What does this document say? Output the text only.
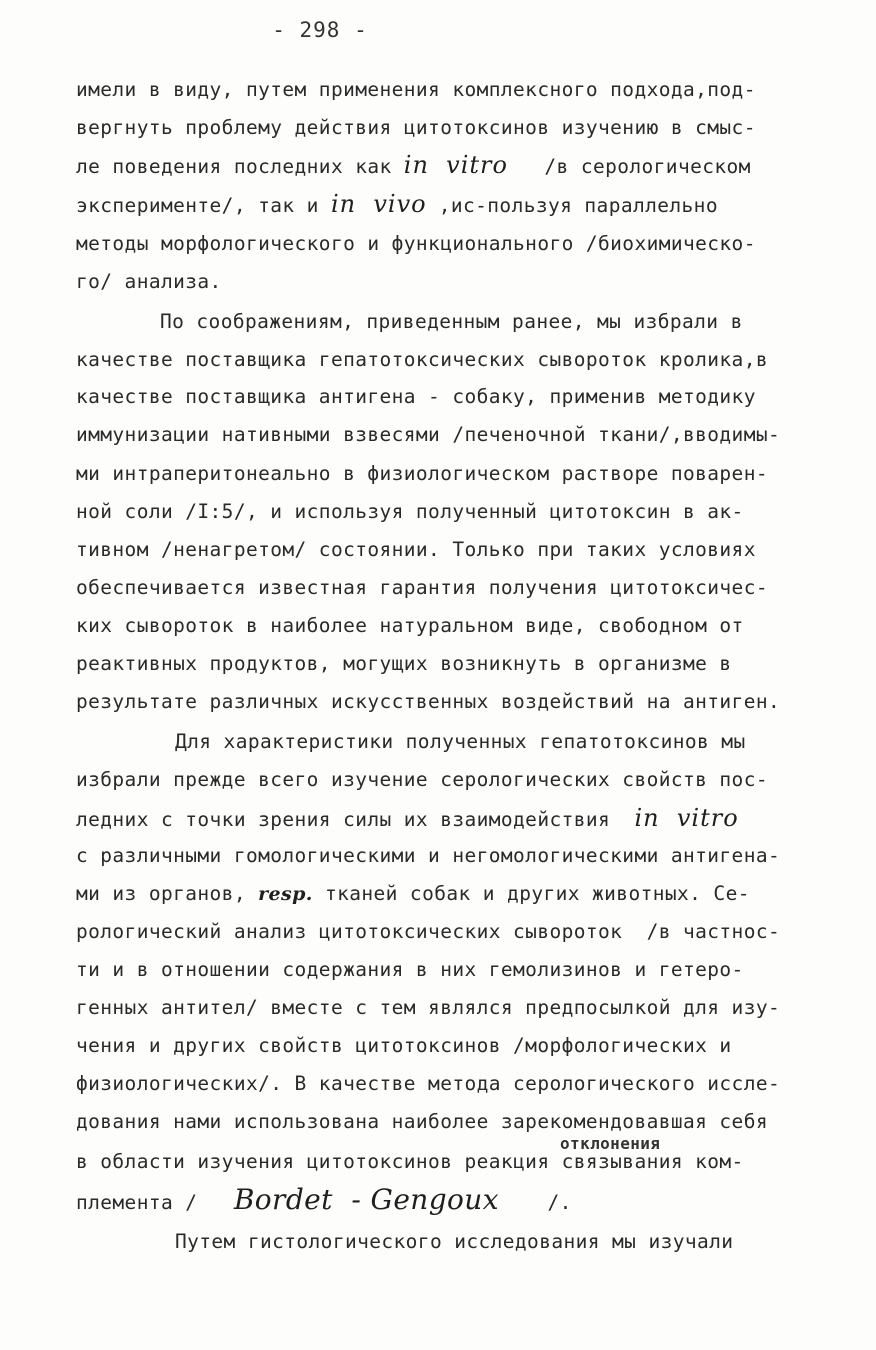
- 298 -
имели в виду, путем применения комплексного подхода,под-
вергнуть проблему действия цитотоксинов изучению в смыс-
ле поведения последних как in  vitro   /в серологическом
эксперименте/, так и in  vivo ,ис-пользуя параллельно
методы морфологического и функционального /биохимическо-
го/ анализа.
По соображениям, приведенным ранее, мы избрали в
качестве поставщика гепатотоксических сывороток кролика,в
качестве поставщика антигена - собаку, применив методику
иммунизации нативными взвесями /печеночной ткани/,вводимы-
ми интраперитонеально в физиологическом растворе поварен-
ной соли /I:5/, и используя полученный цитотоксин в ак-
тивном /ненагретом/ состоянии. Только при таких условиях
обеспечивается известная гарантия получения цитотоксичес-
ких сывороток в наиболее натуральном виде, свободном от
реактивных продуктов, могущих возникнуть в организме в
результате различных искусственных воздействий на антиген.
Для характеристики полученных гепатотоксинов мы
избрали прежде всего изучение серологических свойств пос-
ледних с точки зрения силы их взаимодействия  in  vitro
с различными гомологическими и негомологическими антигена-
ми из органов, resp. тканей собак и других животных. Се-
рологический анализ цитотоксических сывороток  /в частнос-
ти и в отношении содержания в них гемолизинов и гетеро-
генных антител/ вместе с тем являлся предпосылкой для изу-
чения и других свойств цитотоксинов /морфологических и
физиологических/. В качестве метода серологического иссле-
дования нами использована наиболее зарекомендовавшая себя
в области изучения цитотоксинов реакция связывания ком-
отклонения
племента /   Bordet  - Gengoux    /.
Путем гистологического исследования мы изучали
